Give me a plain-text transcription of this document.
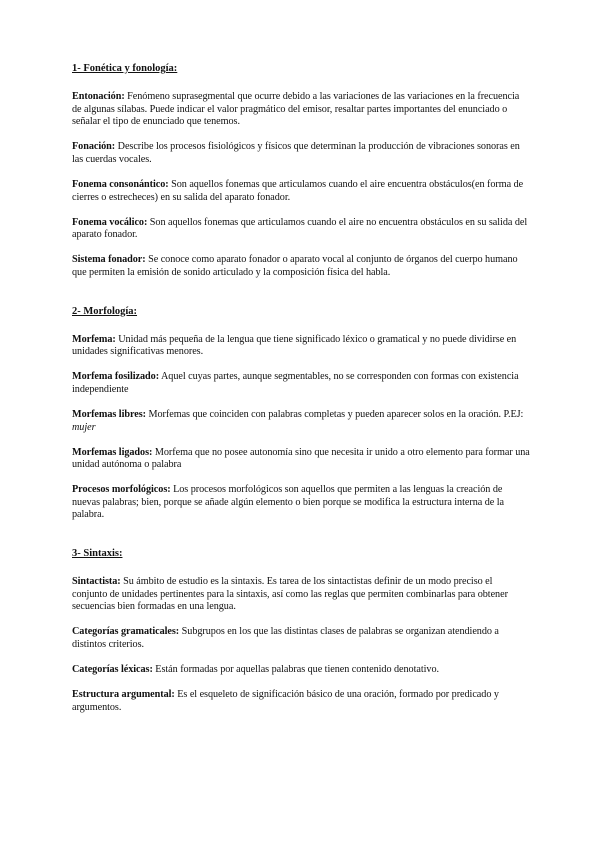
1- Fonética y fonología:

Entonación: Fenómeno suprasegmental que ocurre debido a las variaciones de las variaciones en la frecuencia de algunas sílabas. Puede indicar el valor pragmático del emisor, resaltar partes importantes del enunciado o señalar el tipo de enunciado que tenemos.

Fonación: Describe los procesos fisiológicos y físicos que determinan la producción de vibraciones sonoras en las cuerdas vocales.

Fonema consonántico: Son aquellos fonemas que articulamos cuando el aire encuentra obstáculos(en forma de cierres o estrecheces) en su salida del aparato fonador.

Fonema vocálico: Son aquellos fonemas que articulamos cuando el aire no encuentra obstáculos en su salida del aparato fonador.

Sistema fonador: Se conoce como aparato fonador o aparato vocal al conjunto de órganos del cuerpo humano que permiten la emisión de sonido articulado y la composición física del habla.

2- Morfología:

Morfema: Unidad más pequeña de la lengua que tiene significado léxico o gramatical y no puede dividirse en unidades significativas menores.

Morfema fosilizado: Aquel cuyas partes, aunque segmentables, no se corresponden con formas con existencia independiente

Morfemas libres: Morfemas que coinciden con palabras completas y pueden aparecer solos en la oración. P.EJ: mujer

Morfemas ligados: Morfema que no posee autonomía sino que necesita ir unido a otro elemento para formar una unidad autónoma o palabra

Procesos morfológicos: Los procesos morfológicos son aquellos que permiten a las lenguas la creación de nuevas palabras; bien, porque se añade algún elemento o bien porque se modifica la estructura interna de la palabra.

3- Sintaxis:

Sintactista: Su ámbito de estudio es la sintaxis. Es tarea de los sintactistas definir de un modo preciso el conjunto de unidades pertinentes para la sintaxis, así como las reglas que permiten combinarlas para obtener secuencias bien formadas en una lengua.

Categorías gramaticales: Subgrupos en los que las distintas clases de palabras se organizan atendiendo a distintos criterios.

Categorías léxicas: Están formadas por aquellas palabras que tienen contenido denotativo.

Estructura argumental: Es el esqueleto de significación básico de una oración, formado por predicado y argumentos.
